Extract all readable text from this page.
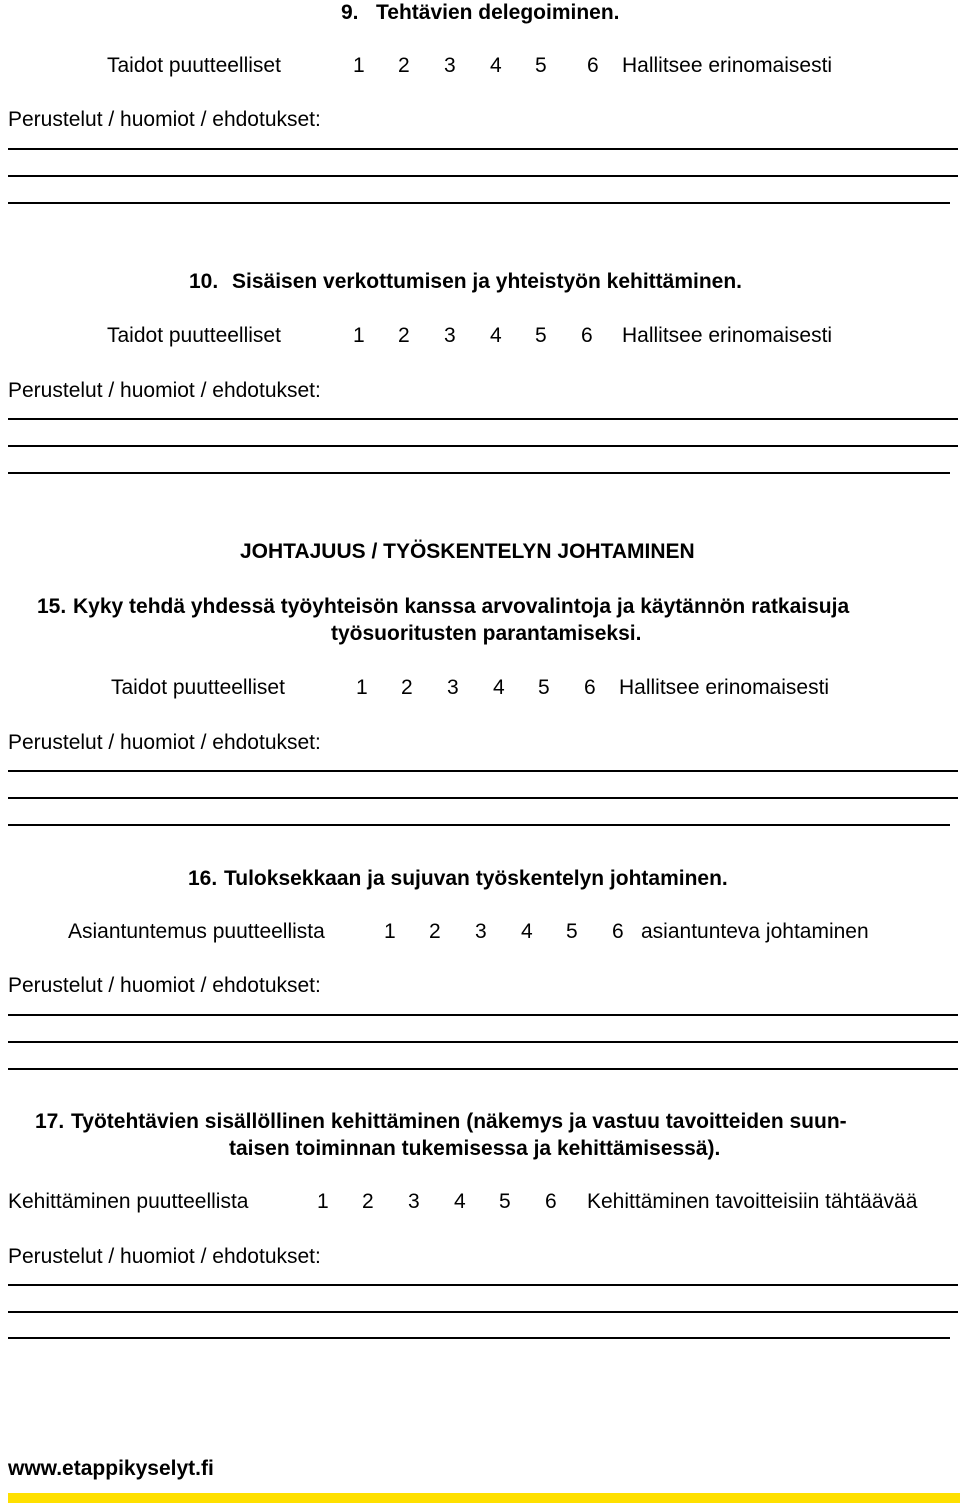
9. Tehtävien delegoiminen.
Taidot puutteelliset	1 2 3 4 5 6 Hallitsee erinomaisesti
Perustelut / huomiot / ehdotukset:
10. Sisäisen verkottumisen ja yhteistyön kehittäminen.
Taidot puutteelliset	1 2 3 4 5 6 Hallitsee erinomaisesti
Perustelut / huomiot / ehdotukset:
JOHTAJUUS / TYÖSKENTELYN JOHTAMINEN
15. Kyky tehdä yhdessä työyhteisön kanssa arvovalintoja ja käytännön ratkaisuja
työsuoritusten parantamiseksi.
Taidot puutteelliset	1 2 3 4 5 6 Hallitsee erinomaisesti
Perustelut / huomiot / ehdotukset:
16. Tuloksekkaan ja sujuvan työskentelyn johtaminen.
Asiantuntemus puutteellista	1 2 3 4 5 6 asiantunteva johtaminen
Perustelut / huomiot / ehdotukset:
17. Työtehtävien sisällöllinen kehittäminen (näkemys ja vastuu tavoitteiden suun-
taisen toiminnan tukemisessa ja kehittämisessä).
Kehittäminen puutteellista	1 2 3 4 5 6 Kehittäminen tavoitteisiin tähtäävää
Perustelut / huomiot / ehdotukset:
www.etappikyselyt.fi
